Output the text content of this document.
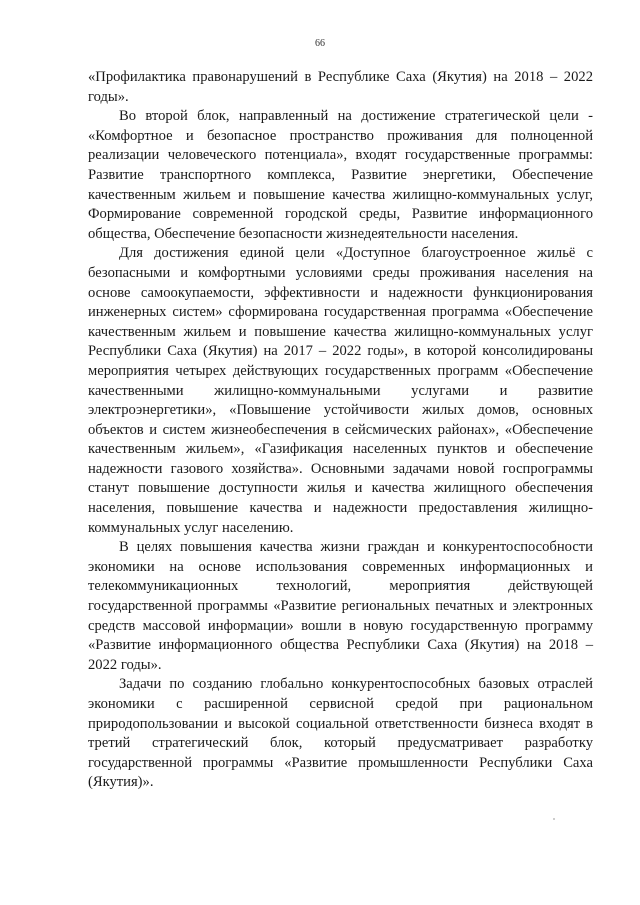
66

«Профилактика правонарушений в Республике Саха (Якутия) на 2018 – 2022 годы».

Во второй блок, направленный на достижение стратегической цели - «Комфортное и безопасное пространство проживания для полноценной реализации человеческого потенциала», входят государственные программы: Развитие транспортного комплекса, Развитие энергетики, Обеспечение качественным жильем и повышение качества жилищно-коммунальных услуг, Формирование современной городской среды, Развитие информационного общества, Обеспечение безопасности жизнедеятельности населения.

Для достижения единой цели «Доступное благоустроенное жильё с безопасными и комфортными условиями среды проживания населения на основе самоокупаемости, эффективности и надежности функционирования инженерных систем» сформирована государственная программа «Обеспечение качественным жильем и повышение качества жилищно-коммунальных услуг Республики Саха (Якутия) на 2017 – 2022 годы», в которой консолидированы мероприятия четырех действующих государственных программ «Обеспечение качественными жилищно-коммунальными услугами и развитие электроэнергетики», «Повышение устойчивости жилых домов, основных объектов и систем жизнеобеспечения в сейсмических районах», «Обеспечение качественным жильем», «Газификация населенных пунктов и обеспечение надежности газового хозяйства». Основными задачами новой госпрограммы станут повышение доступности жилья и качества жилищного обеспечения населения, повышение качества и надежности предоставления жилищно-коммунальных услуг населению.

В целях повышения качества жизни граждан и конкурентоспособности экономики на основе использования современных информационных и телекоммуникационных технологий, мероприятия действующей государственной программы «Развитие региональных печатных и электронных средств массовой информации» вошли в новую государственную программу «Развитие информационного общества Республики Саха (Якутия) на 2018 – 2022 годы».

Задачи по созданию глобально конкурентоспособных базовых отраслей экономики с расширенной сервисной средой при рациональном природопользовании и высокой социальной ответственности бизнеса входят в третий стратегический блок, который предусматривает разработку государственной программы «Развитие промышленности Республики Саха (Якутия)».
